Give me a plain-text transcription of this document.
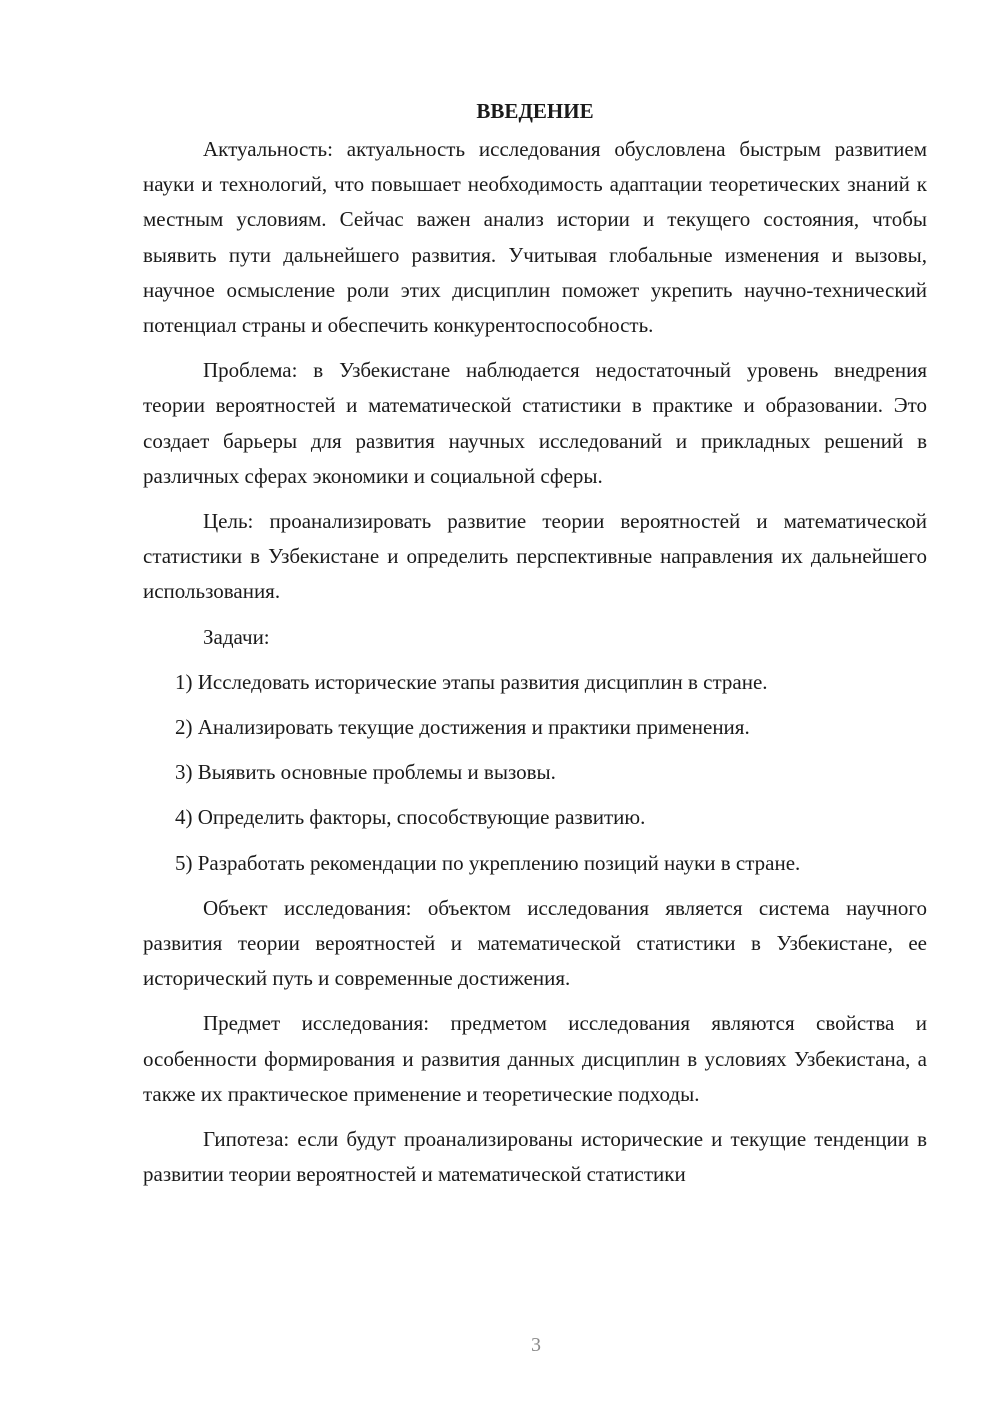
ВВЕДЕНИЕ

Актуальность: актуальность исследования обусловлена быстрым развитием науки и технологий, что повышает необходимость адаптации теоретических знаний к местным условиям. Сейчас важен анализ истории и текущего состояния, чтобы выявить пути дальнейшего развития. Учитывая глобальные изменения и вызовы, научное осмысление роли этих дисциплин поможет укрепить научно-технический потенциал страны и обеспечить конкурентоспособность.

Проблема: в Узбекистане наблюдается недостаточный уровень внедрения теории вероятностей и математической статистики в практике и образовании. Это создает барьеры для развития научных исследований и прикладных решений в различных сферах экономики и социальной сферы.

Цель: проанализировать развитие теории вероятностей и математической статистики в Узбекистане и определить перспективные направления их дальнейшего использования.

Задачи:

1) Исследовать исторические этапы развития дисциплин в стране.

2) Анализировать текущие достижения и практики применения.

3) Выявить основные проблемы и вызовы.

4) Определить факторы, способствующие развитию.

5) Разработать рекомендации по укреплению позиций науки в стране.

Объект исследования: объектом исследования является система научного развития теории вероятностей и математической статистики в Узбекистане, ее исторический путь и современные достижения.

Предмет исследования: предметом исследования являются свойства и особенности формирования и развития данных дисциплин в условиях Узбекистана, а также их практическое применение и теоретические подходы.

Гипотеза: если будут проанализированы исторические и текущие тенденции в развитии теории вероятностей и математической статистики

3
